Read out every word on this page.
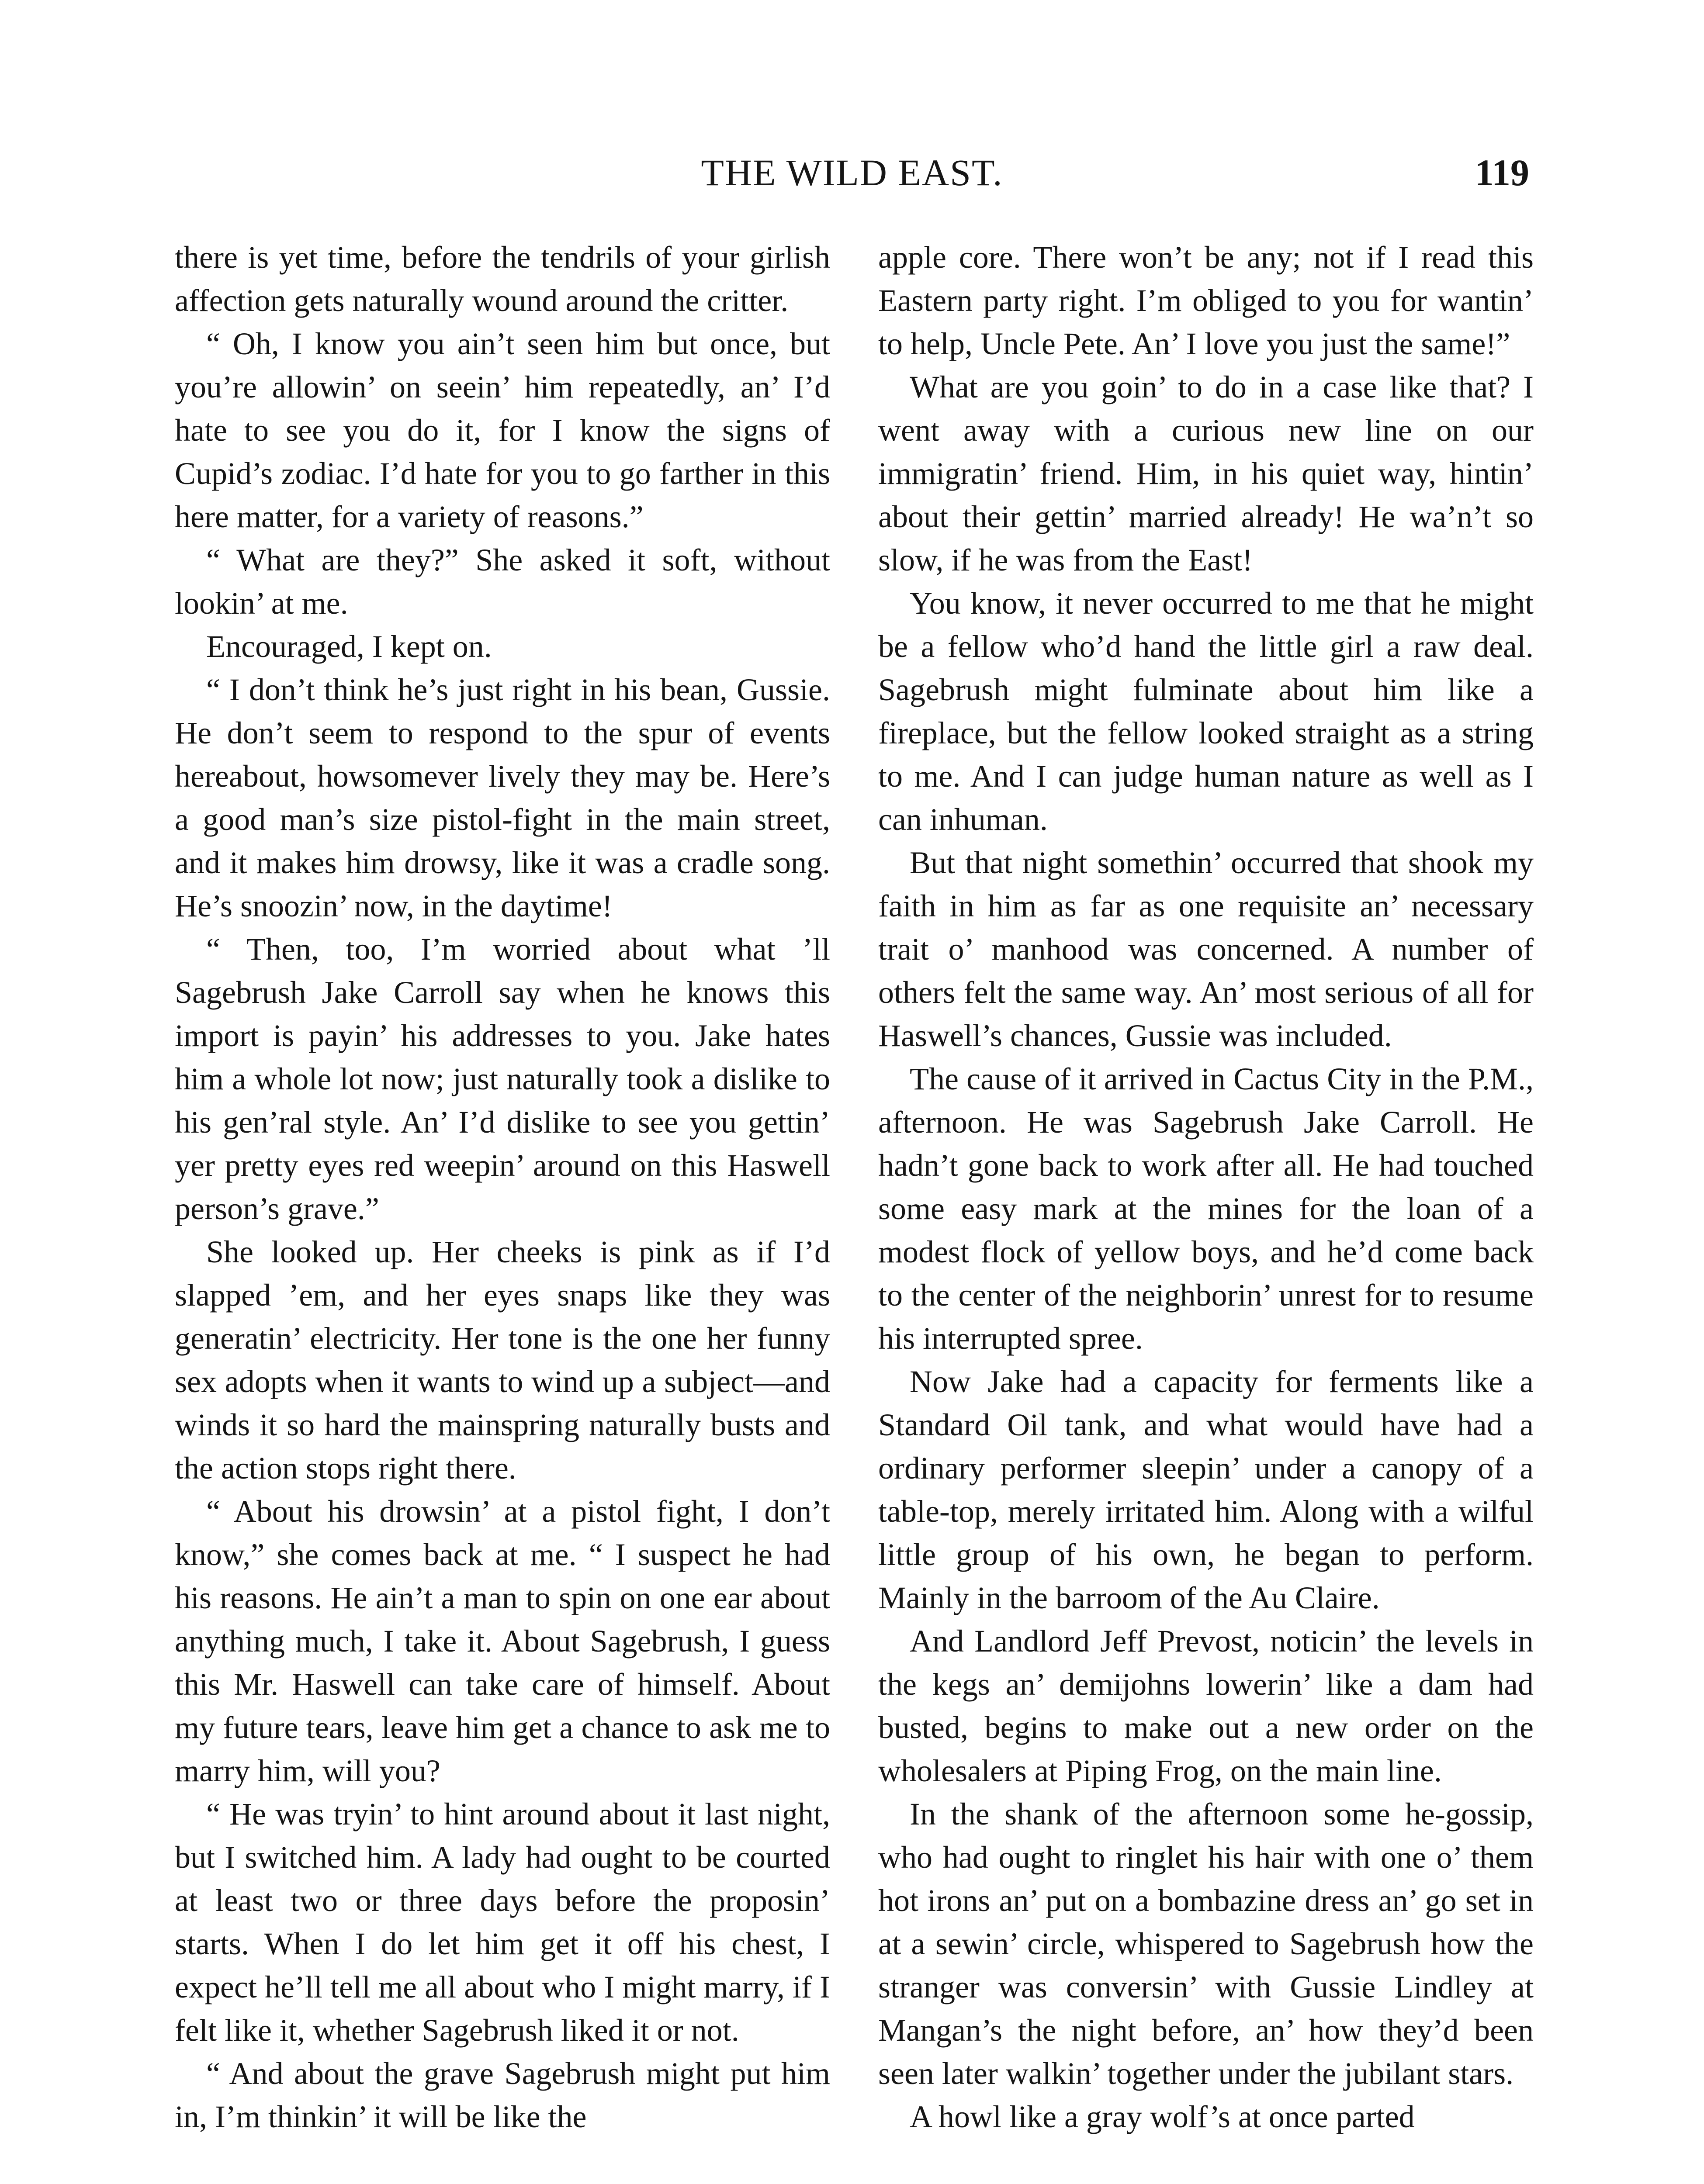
THE WILD EAST.	119

there is yet time, before the tendrils of your girlish affection gets naturally wound around the critter.

“ Oh, I know you ain’t seen him but once, but you’re allowin’ on seein’ him repeatedly, an’ I’d hate to see you do it, for I know the signs of Cupid’s zodiac. I’d hate for you to go farther in this here matter, for a variety of reasons.”

“ What are they?” She asked it soft, without lookin’ at me.

Encouraged, I kept on.

“ I don’t think he’s just right in his bean, Gussie. He don’t seem to respond to the spur of events hereabout, howsomever lively they may be. Here’s a good man’s size pistol-fight in the main street, and it makes him drowsy, like it was a cradle song. He’s snoozin’ now, in the daytime!

“ Then, too, I’m worried about what ’ll Sagebrush Jake Carroll say when he knows this import is payin’ his addresses to you. Jake hates him a whole lot now; just naturally took a dislike to his gen’ral style. An’ I’d dislike to see you gettin’ yer pretty eyes red weepin’ around on this Haswell person’s grave.”

She looked up. Her cheeks is pink as if I’d slapped ’em, and her eyes snaps like they was generatin’ electricity. Her tone is the one her funny sex adopts when it wants to wind up a subject—and winds it so hard the mainspring naturally busts and the action stops right there.

“ About his drowsin’ at a pistol fight, I don’t know,” she comes back at me. “ I suspect he had his reasons. He ain’t a man to spin on one ear about anything much, I take it. About Sagebrush, I guess this Mr. Haswell can take care of himself. About my future tears, leave him get a chance to ask me to marry him, will you?

“ He was tryin’ to hint around about it last night, but I switched him. A lady had ought to be courted at least two or three days before the proposin’ starts. When I do let him get it off his chest, I expect he’ll tell me all about who I might marry, if I felt like it, whether Sagebrush liked it or not.

“ And about the grave Sagebrush might put him in, I’m thinkin’ it will be like the

apple core. There won’t be any; not if I read this Eastern party right. I’m obliged to you for wantin’ to help, Uncle Pete. An’ I love you just the same!”

What are you goin’ to do in a case like that? I went away with a curious new line on our immigratin’ friend. Him, in his quiet way, hintin’ about their gettin’ married already! He wa’n’t so slow, if he was from the East!

You know, it never occurred to me that he might be a fellow who’d hand the little girl a raw deal. Sagebrush might fulminate about him like a fireplace, but the fellow looked straight as a string to me. And I can judge human nature as well as I can inhuman.

But that night somethin’ occurred that shook my faith in him as far as one requisite an’ necessary trait o’ manhood was concerned. A number of others felt the same way. An’ most serious of all for Haswell’s chances, Gussie was included.

The cause of it arrived in Cactus City in the P.M., afternoon. He was Sagebrush Jake Carroll. He hadn’t gone back to work after all. He had touched some easy mark at the mines for the loan of a modest flock of yellow boys, and he’d come back to the center of the neighborin’ unrest for to resume his interrupted spree.

Now Jake had a capacity for ferments like a Standard Oil tank, and what would have had a ordinary performer sleepin’ under a canopy of a table-top, merely irritated him. Along with a wilful little group of his own, he began to perform. Mainly in the barroom of the Au Claire.

And Landlord Jeff Prevost, noticin’ the levels in the kegs an’ demijohns lowerin’ like a dam had busted, begins to make out a new order on the wholesalers at Piping Frog, on the main line.

In the shank of the afternoon some he-gossip, who had ought to ringlet his hair with one o’ them hot irons an’ put on a bombazine dress an’ go set in at a sewin’ circle, whispered to Sagebrush how the stranger was conversin’ with Gussie Lindley at Mangan’s the night before, an’ how they’d been seen later walkin’ together under the jubilant stars.

A howl like a gray wolf’s at once parted
